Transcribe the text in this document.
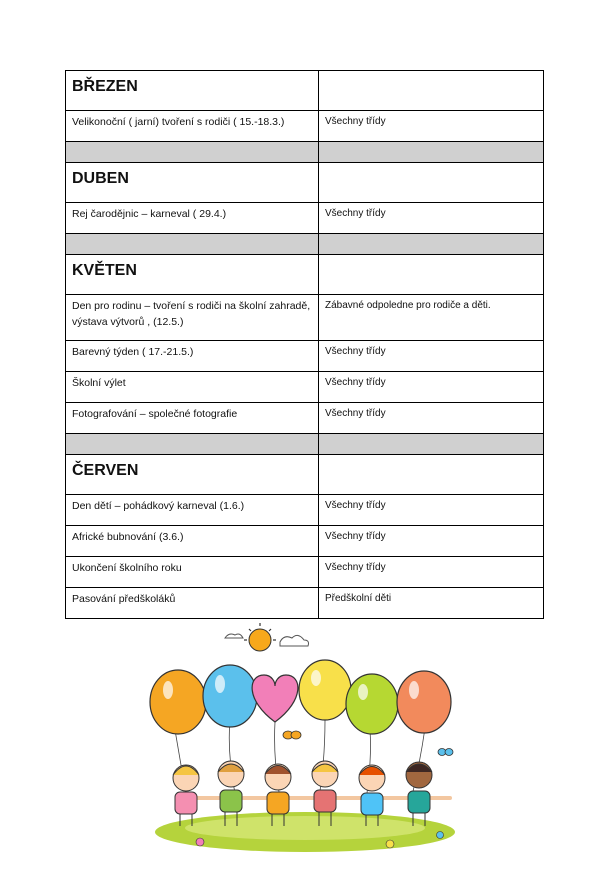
BŘEZEN	
Velikonoční ( jarní) tvoření s rodiči ( 15.-18.3.)	Všechny třídy

DUBEN	
Rej čarodějnic – karneval ( 29.4.)	Všechny třídy

KVĚTEN	
Den pro rodinu – tvoření s rodiči na školní zahradě, výstava výtvorů , (12.5.)	Zábavné odpoledne pro rodiče a děti.
Barevný týden ( 17.-21.5.)	Všechny třídy
Školní výlet	Všechny třídy
Fotografování – společné fotografie	Všechny třídy

ČERVEN	
Den dětí – pohádkový karneval (1.6.)	Všechny třídy
Africké bubnování (3.6.)	Všechny třídy
Ukončení školního roku	Všechny třídy
Pasování předškoláků	Předškolní děti
